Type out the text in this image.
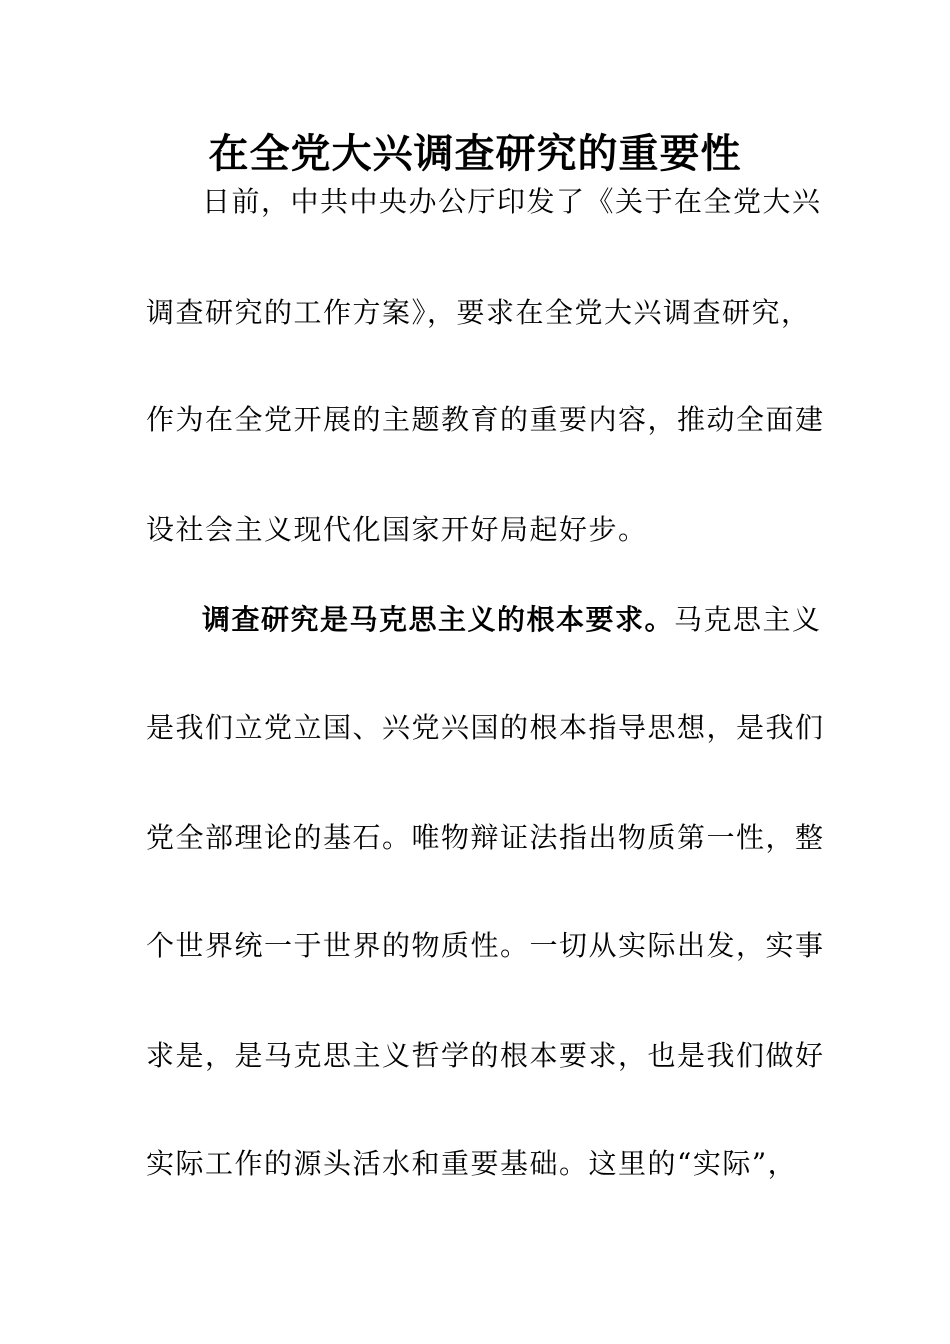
在全党大兴调查研究的重要性

日前，中共中央办公厅印发了《关于在全党大兴

调查研究的工作方案》，要求在全党大兴调查研究，

作为在全党开展的主题教育的重要内容，推动全面建

设社会主义现代化国家开好局起好步。

调查研究是马克思主义的根本要求。马克思主义

是我们立党立国、兴党兴国的根本指导思想，是我们

党全部理论的基石。唯物辩证法指出物质第一性，整

个世界统一于世界的物质性。一切从实际出发，实事

求是，是马克思主义哲学的根本要求，也是我们做好

实际工作的源头活水和重要基础。这里的“实际”，
